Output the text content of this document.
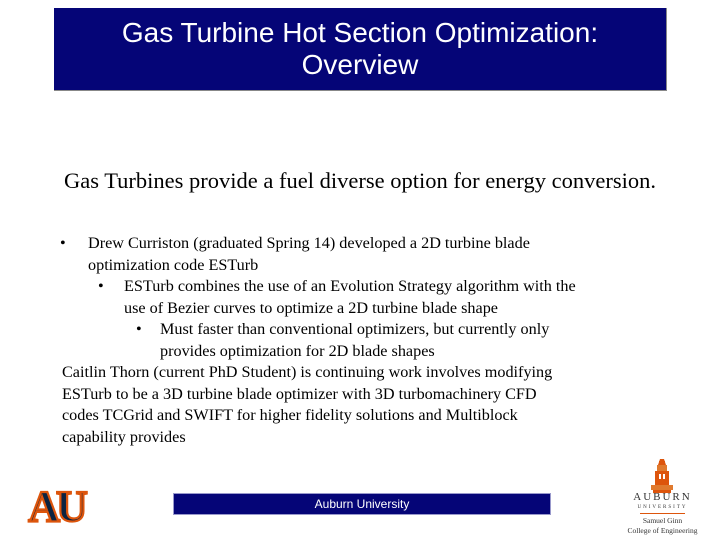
Gas Turbine Hot Section Optimization:
Overview
Gas Turbines provide a fuel diverse option for energy conversion.
• Drew Curriston (graduated Spring 14) developed a 2D turbine blade
optimization code ESTurb
• ESTurb combines the use of an Evolution Strategy algorithm with the
use of Bezier curves to optimize a 2D turbine blade shape
• Must faster than conventional optimizers, but currently only
provides optimization for 2D blade shapes
Caitlin Thorn (current PhD Student) is continuing work involves modifying
ESTurb to be a 3D turbine blade optimizer with 3D turbomachinery CFD
codes TCGrid and SWIFT for higher fidelity solutions and Multiblock
capability provides
AU	Auburn University	AUBURN
UNIVERSITY
Samuel Ginn
College of Engineering
